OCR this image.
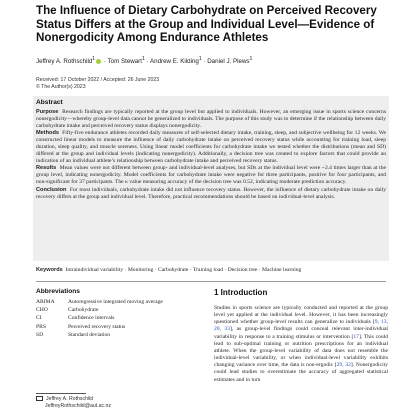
The Influence of Dietary Carbohydrate on Perceived Recovery Status Differs at the Group and Individual Level—Evidence of Nonergodicity Among Endurance Athletes
Jeffrey A. Rothschild$^1$ · Tom Stewart$^1$ · Andrew E. Kilding$^1$ · Daniel J. Plews$^1$
Received: 17 October 2022 / Accepted: 26 June 2023
© The Author(s) 2023
Abstract

Purpose Research findings are typically reported at the group level but applied to individuals. However, an emerging issue in sports science concerns nonergodicity—whereby group-level data cannot be generalized to individuals. The purpose of this study was to determine if the relationship between daily carbohydrate intake and perceived recovery status displays nonergodicity.

Methods Fifty-five endurance athletes recorded daily measures of self-selected dietary intake, training, sleep, and subjective wellbeing for 12 weeks. We constructed linear models to measure the influence of daily carbohydrate intake on perceived recovery status while accounting for training load, sleep duration, sleep quality, and muscle soreness. Using linear model coefficients for carbohydrate intake we tested whether the distributions (mean and SD) differed at the group and individual levels (indicating nonergodicity). Additionally, a decision tree was created to explore factors that could provide an indication of an individual athlete’s relationship between carbohydrate intake and perceived recovery status.

Results Mean values were not different between group- and individual-level analyses, but SDs at the individual level were ~2.4 times larger than at the group level, indicating nonergodicity. Model coefficients for carbohydrate intake were negative for three participants, positive for four participants, and non-significant for 37 participants. The κ value measuring accuracy of the decision tree was 0.52, indicating moderate prediction accuracy.

Conclusion For most individuals, carbohydrate intake did not influence recovery status. However, the influence of dietary carbohydrate intake on daily recovery differs at the group and individual level. Therefore, practical recommendations should be based on individual-level analysis.

Keywords Intraindividual variability · Monitoring · Carbohydrate · Training load · Decision tree · Machine learning
Abbreviations
ARIMA	Autoregressive integrated moving average
CHO	Carbohydrate
CI	Confidence intervals
PRS	Perceived recovery status
SD	Standard deviation
1 Introduction

Studies in sports science are typically conducted and reported at the group level yet applied at the individual level. However, it has been increasingly questioned whether group-level results can generalize to individuals [9, 13, 20, 33], as group-level findings could conceal relevant inter-individual variability in response to a training stimulus or intervention [17]. This could lead to sub-optimal training or nutrition prescriptions for an individual athlete. When the group-level variability of data does not resemble the individual-level variability, or when individual-level variability exhibits changing variance over time, the data is non-ergodic [29, 32]. Nonergodicity could lead studies to overestimate the accuracy of aggregated statistical estimates and in turn

Jeffrey A. Rothschild
JeffreyRothschild@aut.ac.nz
